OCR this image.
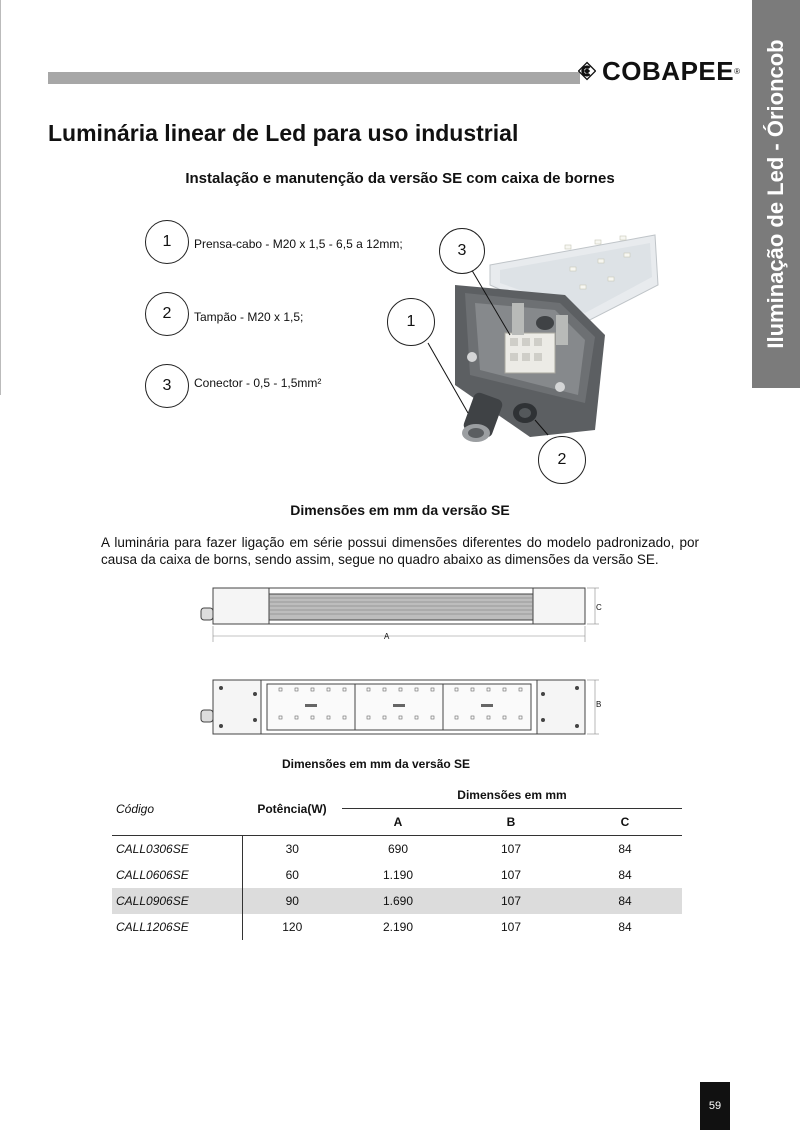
COBAPEE ® Iluminação de Led - Órioncob
Luminária linear de Led para uso industrial
Instalação e manutenção da versão SE com caixa de bornes
1	Prensa-cabo - M20 x 1,5 - 6,5 a 12mm;
2	Tampão - M20 x 1,5;
3	Conector - 0,5 - 1,5mm²
3
1
2
Dimensões em mm da versão SE
A luminária para fazer ligação em série possui dimensões diferentes do modelo padronizado, por causa da caixa de borns, sendo assim, segue no quadro abaixo as dimensões da versão SE.
A
C
B
Dimensões em mm da versão SE
Código	Potência(W)	Dimensões em mm		
		A	B	C
CALL0306SE	30	690	107	84
CALL0606SE	60	1.190	107	84
CALL0906SE	90	1.690	107	84
CALL1206SE	120	2.190	107	84
59
